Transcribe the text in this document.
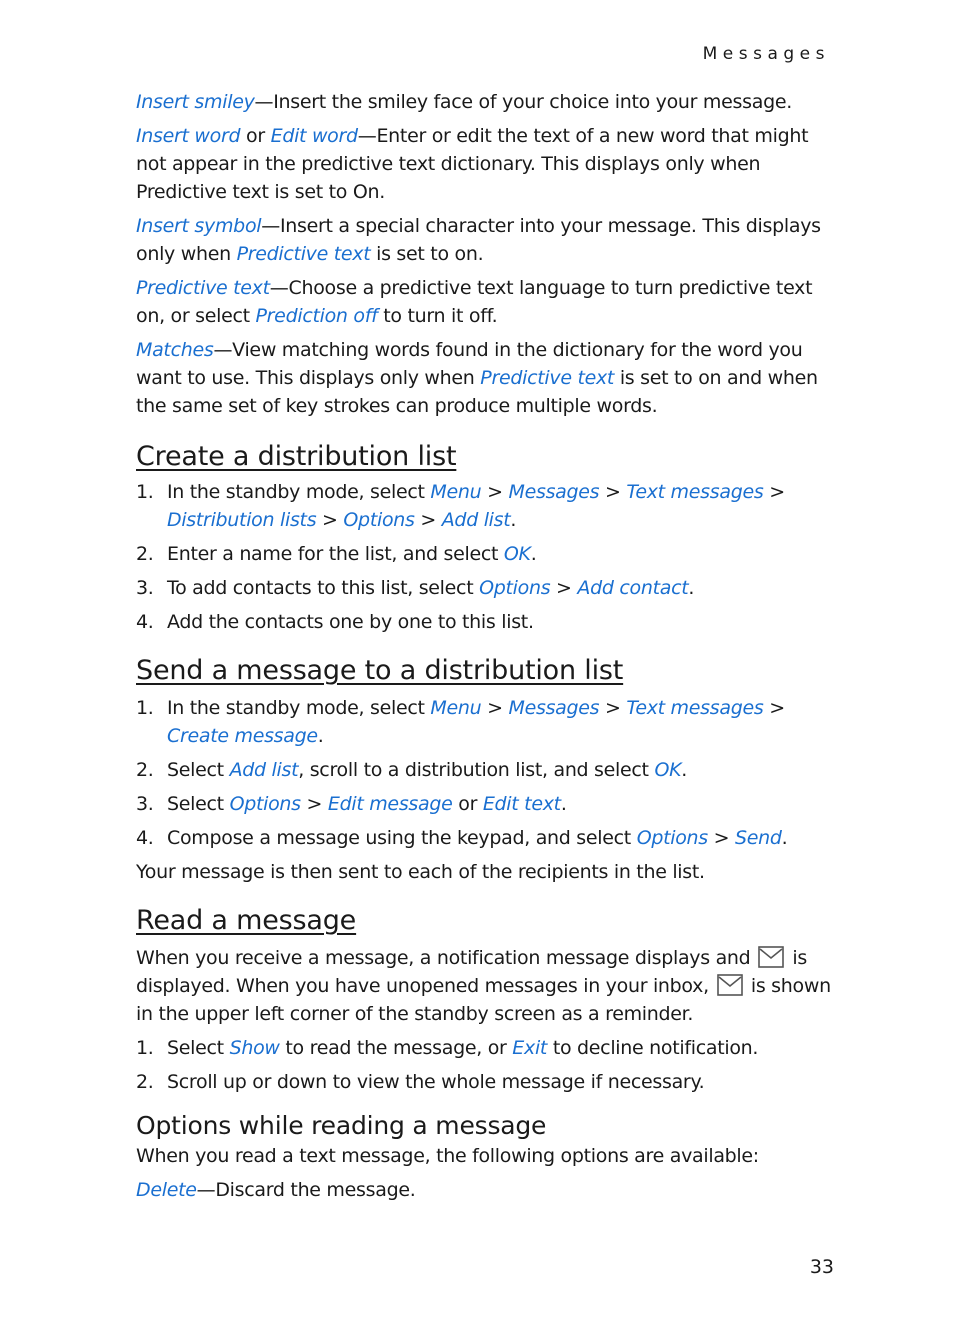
Messages

Insert smiley—Insert the smiley face of your choice into your message.

Insert word or Edit word—Enter or edit the text of a new word that might not appear in the predictive text dictionary. This displays only when Predictive text is set to On.

Insert symbol—Insert a special character into your message. This displays only when Predictive text is set to on.

Predictive text—Choose a predictive text language to turn predictive text on, or select Prediction off to turn it off.

Matches—View matching words found in the dictionary for the word you want to use. This displays only when Predictive text is set to on and when the same set of key strokes can produce multiple words.

Create a distribution list
1. In the standby mode, select Menu > Messages > Text messages > Distribution lists > Options > Add list.
2. Enter a name for the list, and select OK.
3. To add contacts to this list, select Options > Add contact.
4. Add the contacts one by one to this list.
Send a message to a distribution list
1. In the standby mode, select Menu > Messages > Text messages >
Create message.
2. Select Add list, scroll to a distribution list, and select OK.
3. Select Options > Edit message or Edit text.
4. Compose a message using the keypad, and select Options > Send.

Your message is then sent to each of the recipients in the list.

Read a message

When you receive a message, a notification message displays and is displayed. When you have unopened messages in your inbox, is shown in the upper left corner of the standby screen as a reminder.

1. Select Show to read the message, or Exit to decline notification.
2. Scroll up or down to view the whole message if necessary.
Options while reading a message

When you read a text message, the following options are available:

Delete—Discard the message.

33
